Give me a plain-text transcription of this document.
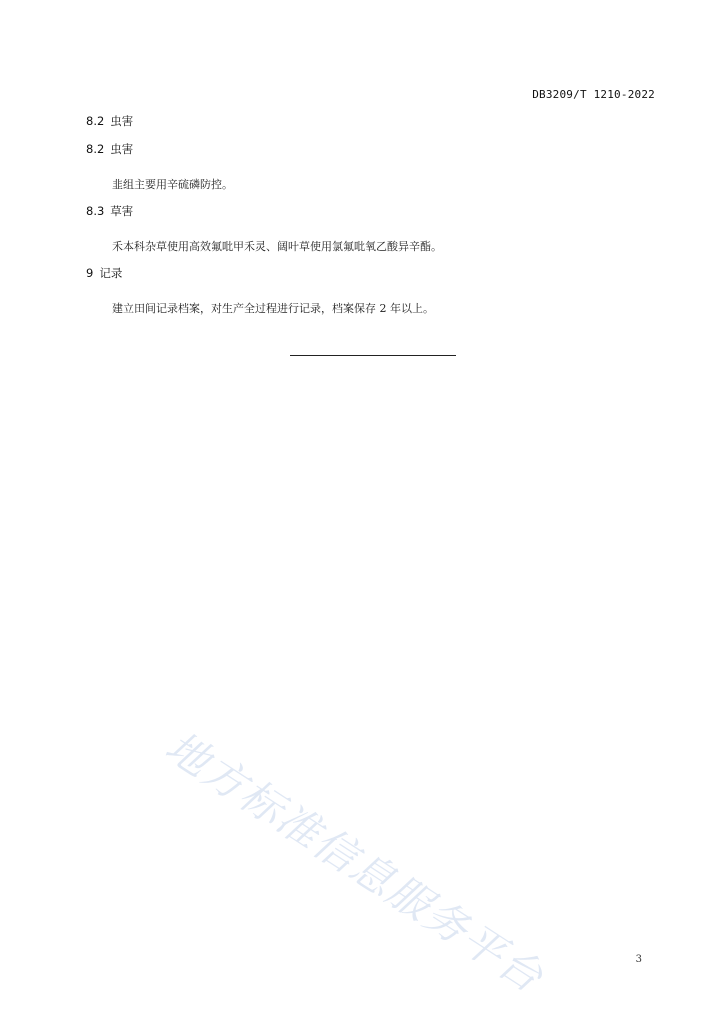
DB3209/T 1210-2022
8.2 虫害
8.2 虫害
韭组主要用辛硫磷防控。
8.3 草害
禾本科杂草使用高效氟吡甲禾灵、阔叶草使用氯氟吡氧乙酸异辛酯。
9 记录
建立田间记录档案，对生产全过程进行记录，档案保存 2 年以上。
地方标准信息服务平台	3
